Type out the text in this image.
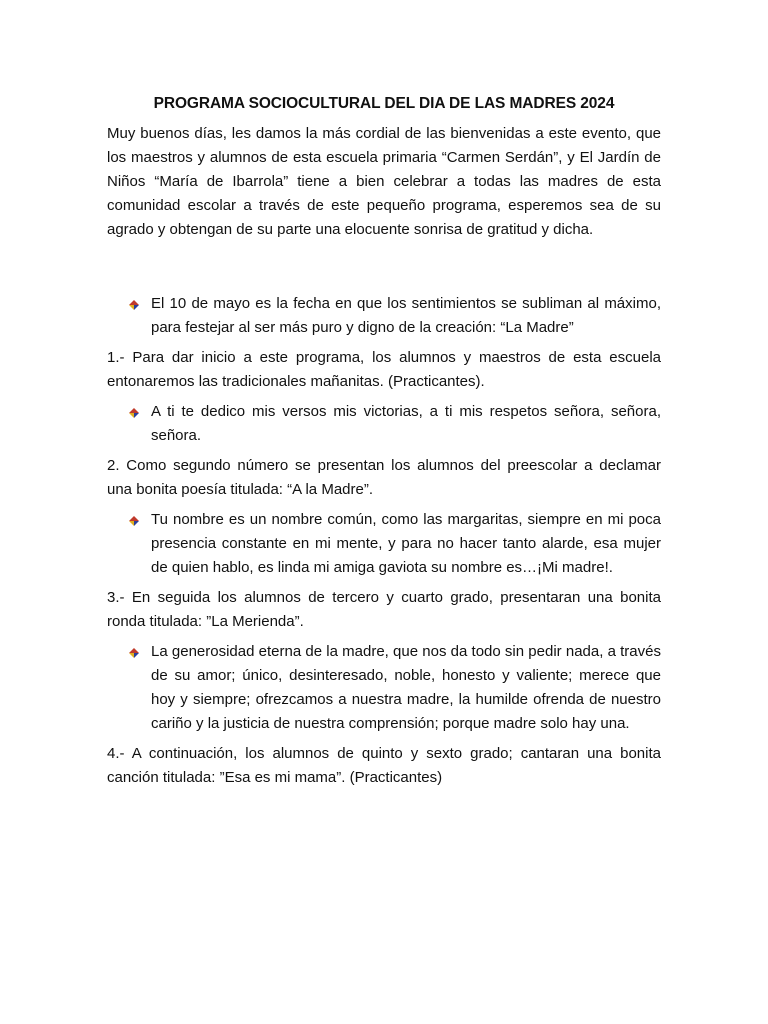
PROGRAMA SOCIOCULTURAL DEL DIA DE LAS MADRES 2024

Muy buenos días, les damos la más cordial de las bienvenidas a este evento, que los maestros y alumnos de esta escuela primaria “Carmen Serdán”, y El Jardín de Niños “María de Ibarrola” tiene a bien celebrar a todas las madres de esta comunidad escolar a través de este pequeño programa, esperemos sea de su agrado y obtengan de su parte una elocuente sonrisa de gratitud y dicha.

El 10 de mayo es la fecha en que los sentimientos se subliman al máximo, para festejar al ser más puro y digno de la creación: “La Madre”

1.- Para dar inicio a este programa, los alumnos y maestros de esta escuela entonaremos las tradicionales mañanitas. (Practicantes).

A ti te dedico mis versos mis victorias, a ti mis respetos señora, señora, señora.

2. Como segundo número se presentan los alumnos del preescolar a declamar una bonita poesía titulada: “A la Madre”.

Tu nombre es un nombre común, como las margaritas, siempre en mi poca presencia constante en mi mente, y para no hacer tanto alarde, esa mujer de quien hablo, es linda mi amiga gaviota su nombre es…¡Mi madre!.

3.- En seguida los alumnos de tercero y cuarto grado, presentaran una bonita ronda titulada: ”La Merienda”.

La generosidad eterna de la madre, que nos da todo sin pedir nada, a través de su amor; único, desinteresado, noble, honesto y valiente; merece que hoy y siempre; ofrezcamos a nuestra madre, la humilde ofrenda de nuestro cariño y la justicia de nuestra comprensión; porque madre solo hay una.

4.- A continuación, los alumnos de quinto y sexto grado; cantaran una bonita canción titulada: ”Esa es mi mama”. (Practicantes)
